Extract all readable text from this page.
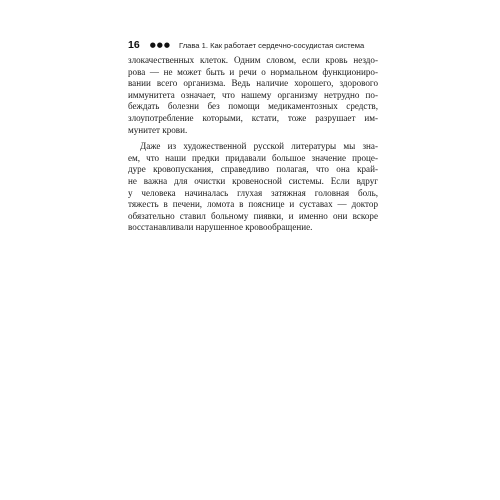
16 ●●● Глава 1. Как работает сердечно-сосудистая система
злокачественных клеток. Одним словом, если кровь нездо-
рова — не может быть и речи о нормальном функциониро-
вании всего организма. Ведь наличие хорошего, здорового
иммунитета означает, что нашему организму нетрудно по-
беждать болезни без помощи медикаментозных средств,
злоупотребление которыми, кстати, тоже разрушает им-
мунитет крови.
Даже из художественной русской литературы мы зна-
ем, что наши предки придавали большое значение проце-
дуре кровопускания, справедливо полагая, что она край-
не важна для очистки кровеносной системы. Если вдруг
у человека начиналась глухая затяжная головная боль,
тяжесть в печени, ломота в пояснице и суставах — доктор
обязательно ставил больному пиявки, и именно они вскоре
восстанавливали нарушенное кровообращение.
